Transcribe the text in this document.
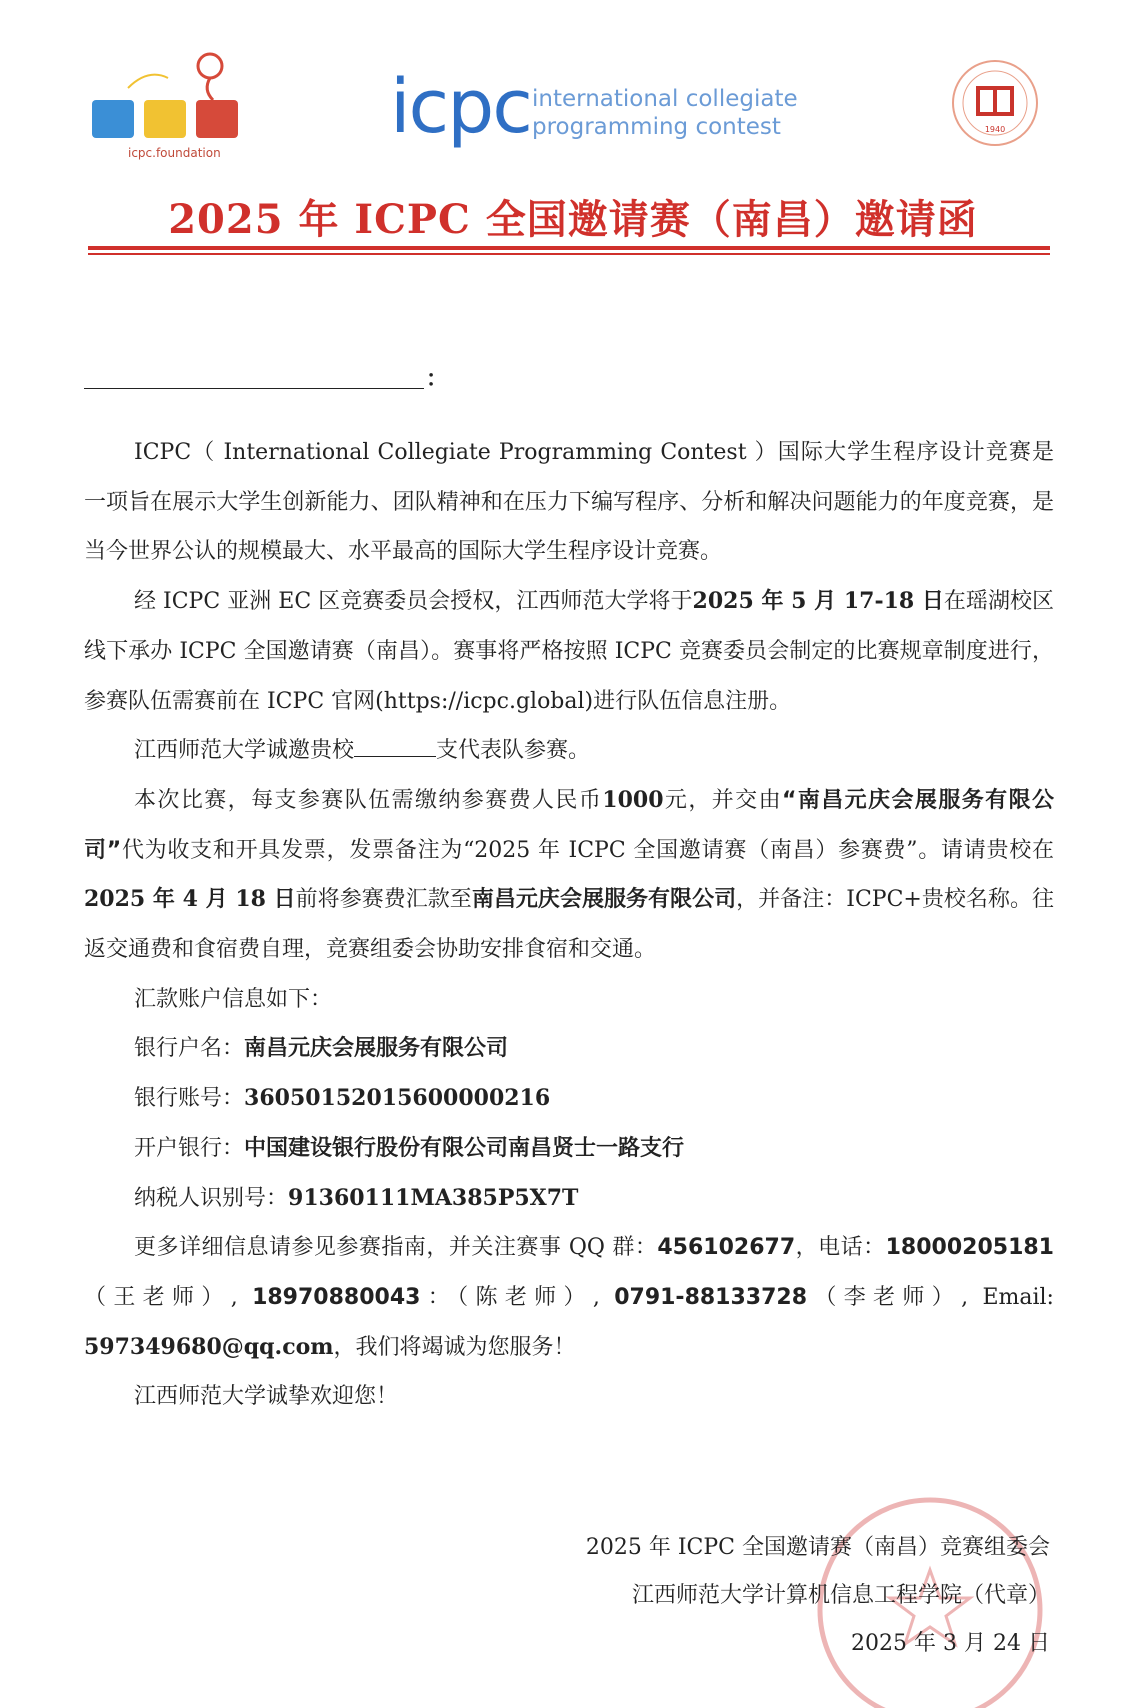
icpc.foundation
icpc international collegiate
programming contest	1940
2025 年 ICPC 全国邀请赛（南昌）邀请函
：

ICPC（ International Collegiate Programming Contest ）国际大学生程序设计竞赛是一项旨在展示大学生创新能力、团队精神和在压力下编写程序、分析和解决问题能力的年度竞赛，是当今世界公认的规模最大、水平最高的国际大学生程序设计竞赛。

经 ICPC 亚洲 EC 区竞赛委员会授权，江西师范大学将于2025 年 5 月 17-18 日在瑶湖校区线下承办 ICPC 全国邀请赛（南昌）。赛事将严格按照 ICPC 竞赛委员会制定的比赛规章制度进行，参赛队伍需赛前在 ICPC 官网(https://icpc.global)进行队伍信息注册。

江西师范大学诚邀贵校	支代表队参赛。

本次比赛，每支参赛队伍需缴纳参赛费人民币1000元，并交由“南昌元庆会展服务有限公司”代为收支和开具发票，发票备注为“2025 年 ICPC 全国邀请赛（南昌）参赛费”。请请贵校在2025 年 4 月 18 日前将参赛费汇款至南昌元庆会展服务有限公司，并备注：ICPC+贵校名称。往返交通费和食宿费自理，竞赛组委会协助安排食宿和交通。

汇款账户信息如下：

银行户名：南昌元庆会展服务有限公司

银行账号：36050152015600000216

开户银行：中国建设银行股份有限公司南昌贤士一路支行

纳税人识别号：91360111MA385P5X7T

更多详细信息请参见参赛指南，并关注赛事 QQ 群：456102677，电话：18000205181（王老师）, 18970880043：（陈老师）, 0791-88133728（李老师）, Email: 597349680@qq.com，我们将竭诚为您服务！

江西师范大学诚挚欢迎您！

2025 年 ICPC 全国邀请赛（南昌）竞赛组委会
江西师范大学计算机信息工程学院（代章）
2025 年 3 月 24 日
